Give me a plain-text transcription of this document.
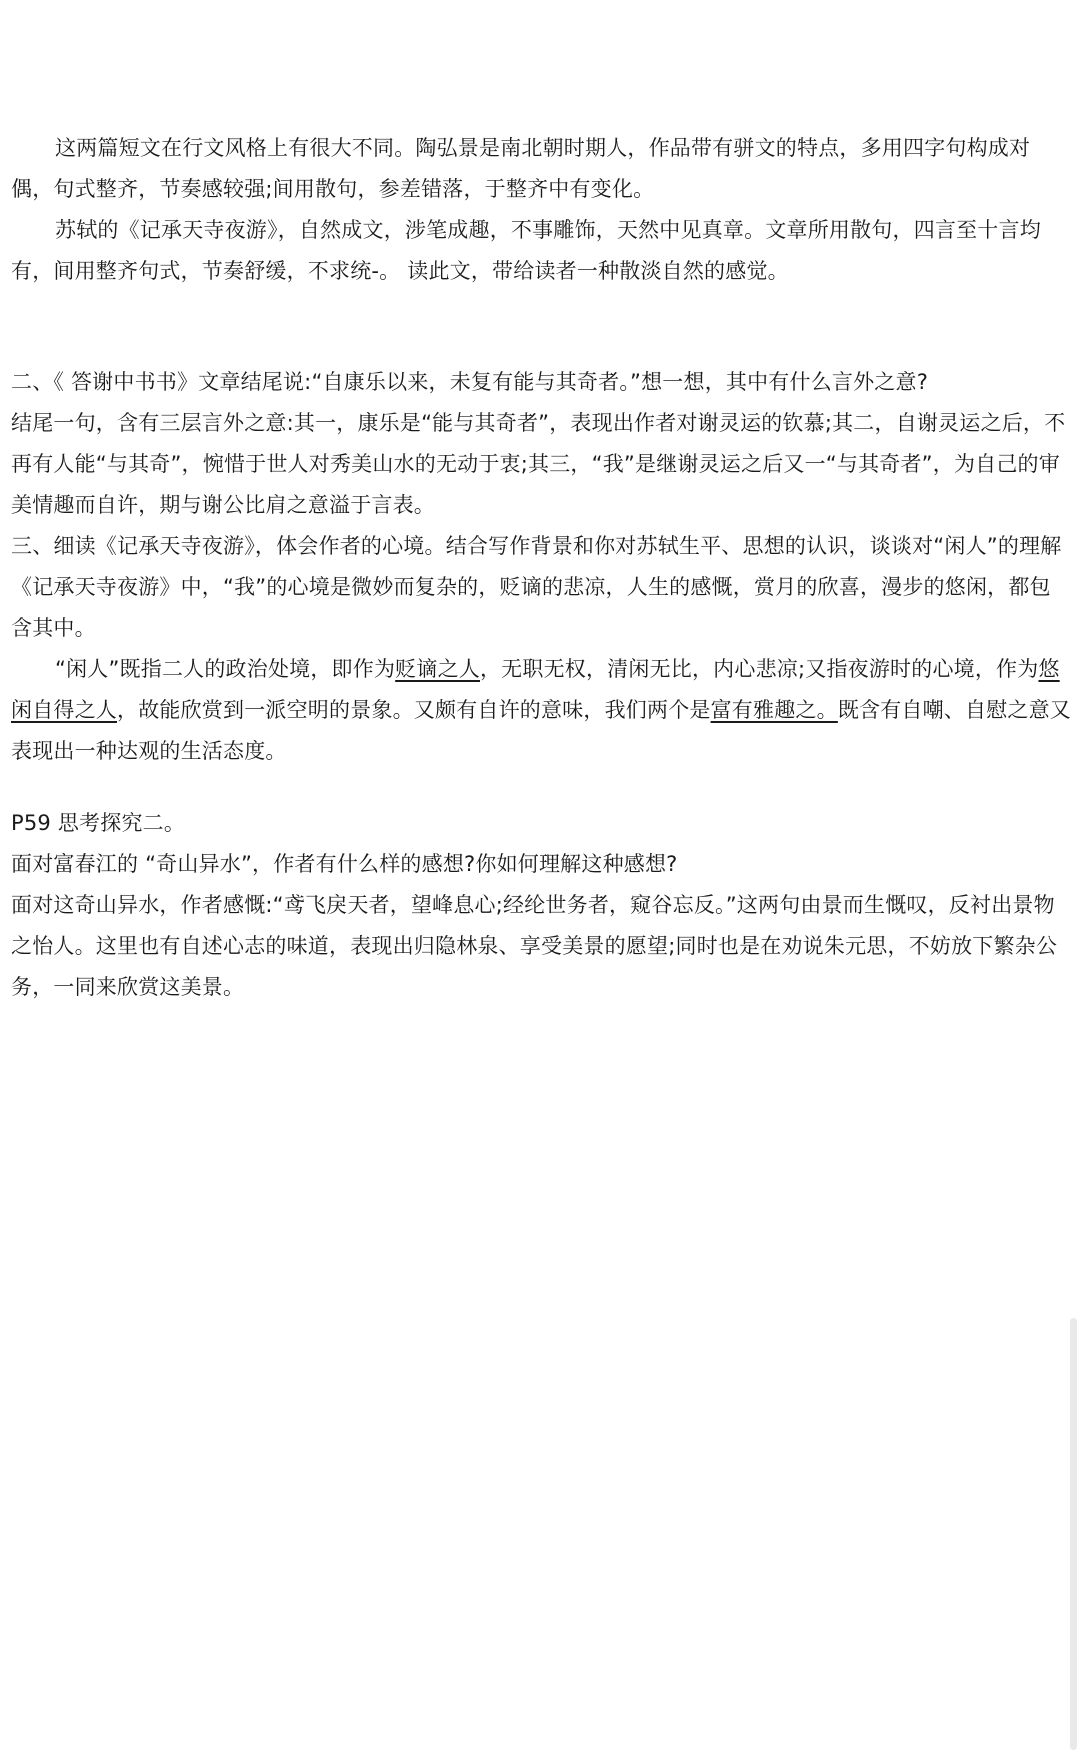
这两篇短文在行文风格上有很大不同。陶弘景是南北朝时期人，作品带有骈文的特点，多用四字句构成对偶，句式整齐，节奏感较强;间用散句，参差错落，于整齐中有变化。

苏轼的《记承天寺夜游》，自然成文，涉笔成趣，不事雕饰，天然中见真章。文章所用散句，四言至十言均有，间用整齐句式，节奏舒缓，不求统-。 读此文，带给读者一种散淡自然的感觉。

二、《 答谢中书书》文章结尾说:“自康乐以来，未复有能与其奇者。”想一想，其中有什么言外之意?

结尾一句，含有三层言外之意:其一，康乐是“能与其奇者”，表现出作者对谢灵运的钦慕;其二，自谢灵运之后，不再有人能“与其奇”，惋惜于世人对秀美山水的无动于衷;其三，“我”是继谢灵运之后又一“与其奇者”，为自己的审美情趣而自许，期与谢公比肩之意溢于言表。

三、细读《记承天寺夜游》，体会作者的心境。结合写作背景和你对苏轼生平、思想的认识，谈谈对“闲人”的理解

《记承天寺夜游》中，“我”的心境是微妙而复杂的，贬谪的悲凉，人生的感慨，赏月的欣喜，漫步的悠闲，都包含其中。

“闲人”既指二人的政治处境，即作为贬谪之人，无职无权，清闲无比，内心悲凉;又指夜游时的心境，作为悠闲自得之人，故能欣赏到一派空明的景象。又颇有自许的意味，我们两个是富有雅趣之。既含有自嘲、自慰之意又表现出一种达观的生活态度。

P59 思考探究二。

面对富春江的 “奇山异水”，作者有什么样的感想?你如何理解这种感想?

面对这奇山异水，作者感慨:“鸢飞戾天者，望峰息心;经纶世务者，窥谷忘反。”这两句由景而生慨叹，反衬出景物之怡人。这里也有自述心志的味道，表现出归隐林泉、享受美景的愿望;同时也是在劝说朱元思，不妨放下繁杂公务，一同来欣赏这美景。
